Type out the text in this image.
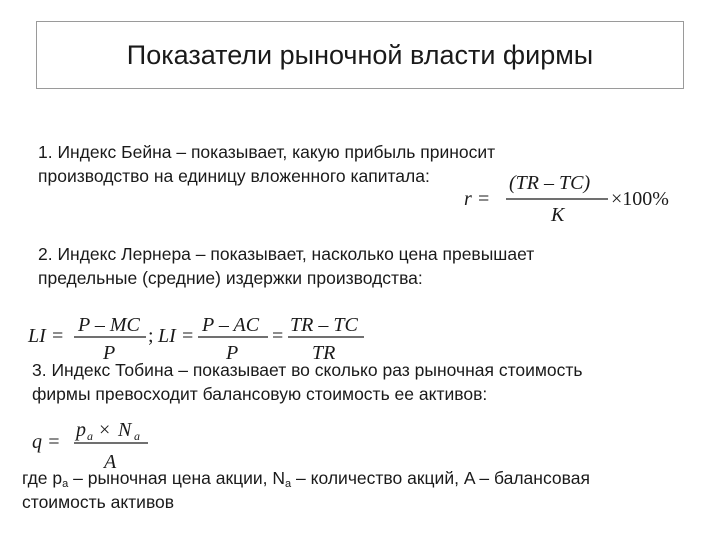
Показатели рыночной власти фирмы
1. Индекс Бейна – показывает, какую прибыль приносит
производство на единицу вложенного капитала:
r =
(TR – TC)
K
×100%
2. Индекс Лернера – показывает, насколько цена превышает
предельные (средние) издержки производства:
LI = P – MC
P
; LI = P – AC
P
= TR – TC
TR
3. Индекс Тобина – показывает во сколько раз рыночная стоимость
фирмы превосходит балансовую стоимость ее активов:
q =
p a × N a
A
где $p_a$ – рыночная цена акции, $N_a$ – количество акций, A – балансовая
стоимость активов
